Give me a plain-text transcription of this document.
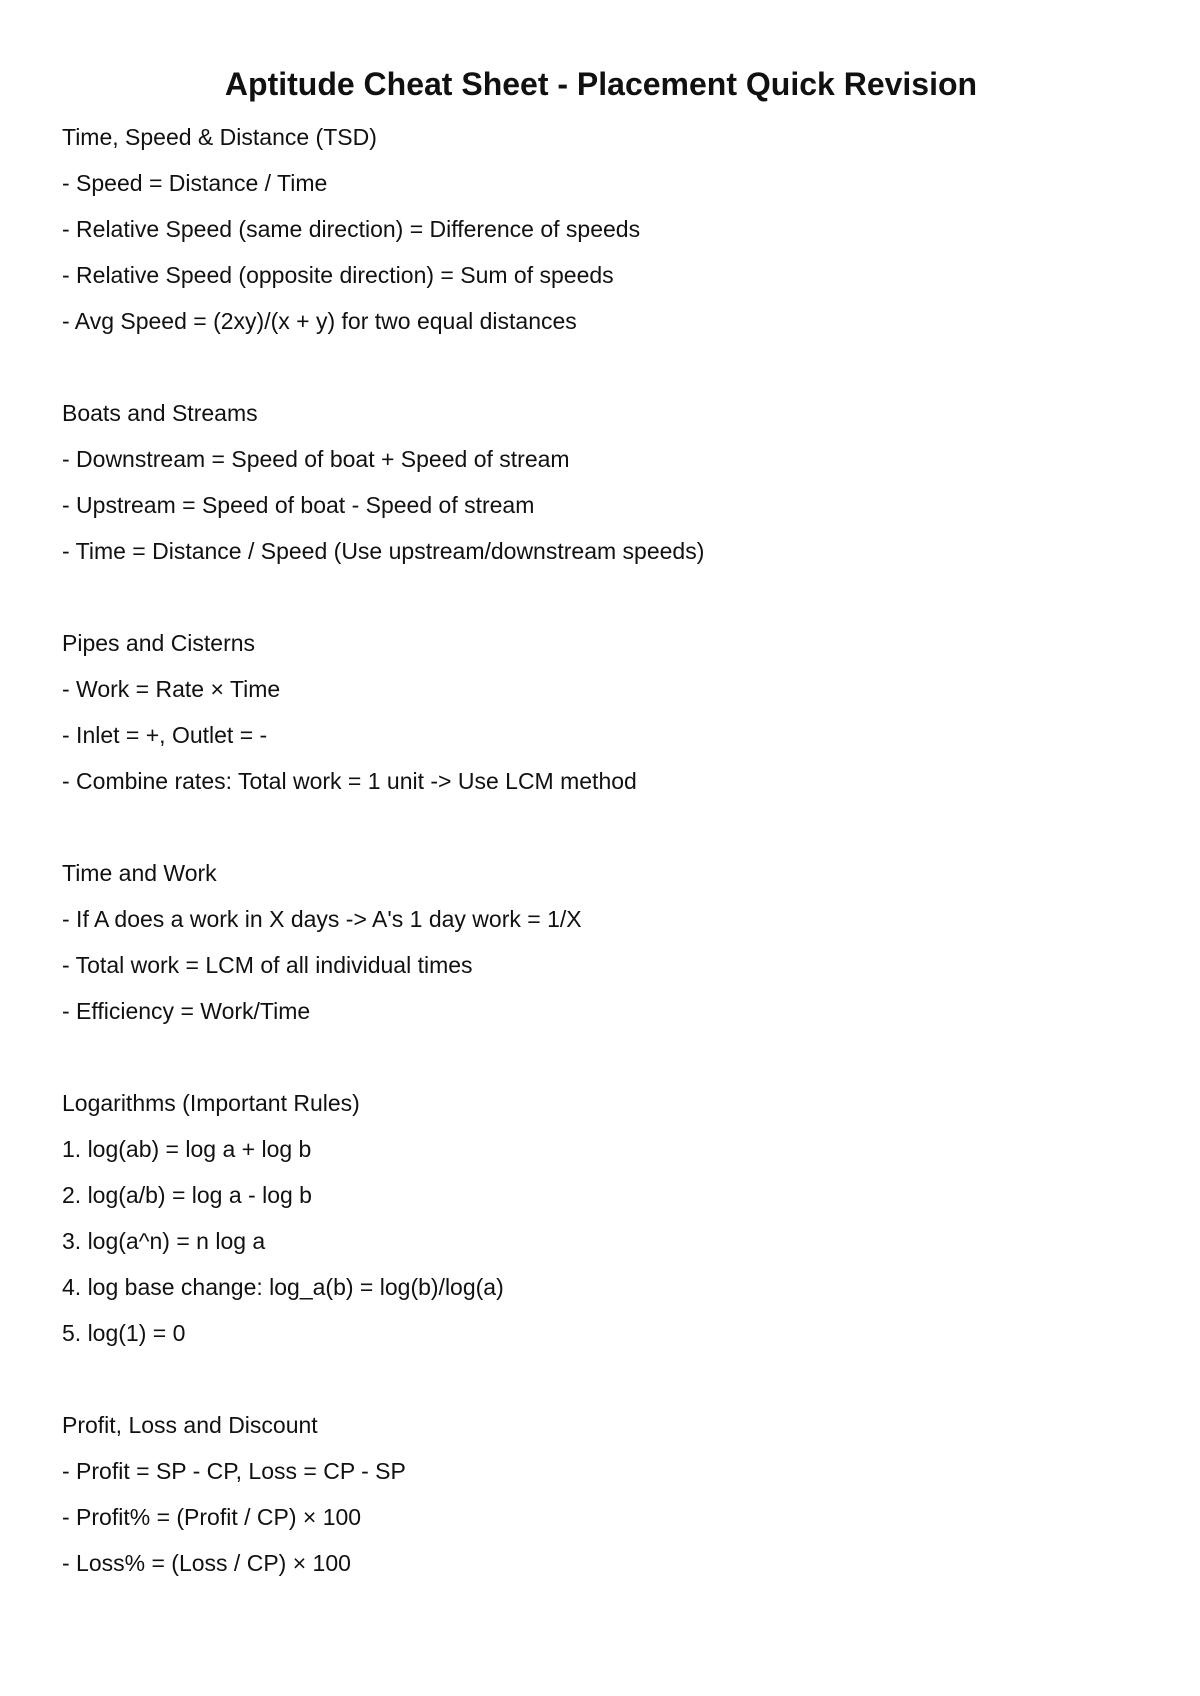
Aptitude Cheat Sheet - Placement Quick Revision
Time, Speed & Distance (TSD)
- Speed = Distance / Time
- Relative Speed (same direction) = Difference of speeds
- Relative Speed (opposite direction) = Sum of speeds
- Avg Speed = (2xy)/(x + y) for two equal distances
Boats and Streams
- Downstream = Speed of boat + Speed of stream
- Upstream = Speed of boat - Speed of stream
- Time = Distance / Speed (Use upstream/downstream speeds)
Pipes and Cisterns
- Work = Rate × Time
- Inlet = +, Outlet = -
- Combine rates: Total work = 1 unit -> Use LCM method
Time and Work
- If A does a work in X days -> A's 1 day work = 1/X
- Total work = LCM of all individual times
- Efficiency = Work/Time
Logarithms (Important Rules)
1. log(ab) = log a + log b
2. log(a/b) = log a - log b
3. log(a^n) = n log a
4. log base change: log_a(b) = log(b)/log(a)
5. log(1) = 0
Profit, Loss and Discount
- Profit = SP - CP, Loss = CP - SP
- Profit% = (Profit / CP) × 100
- Loss% = (Loss / CP) × 100
